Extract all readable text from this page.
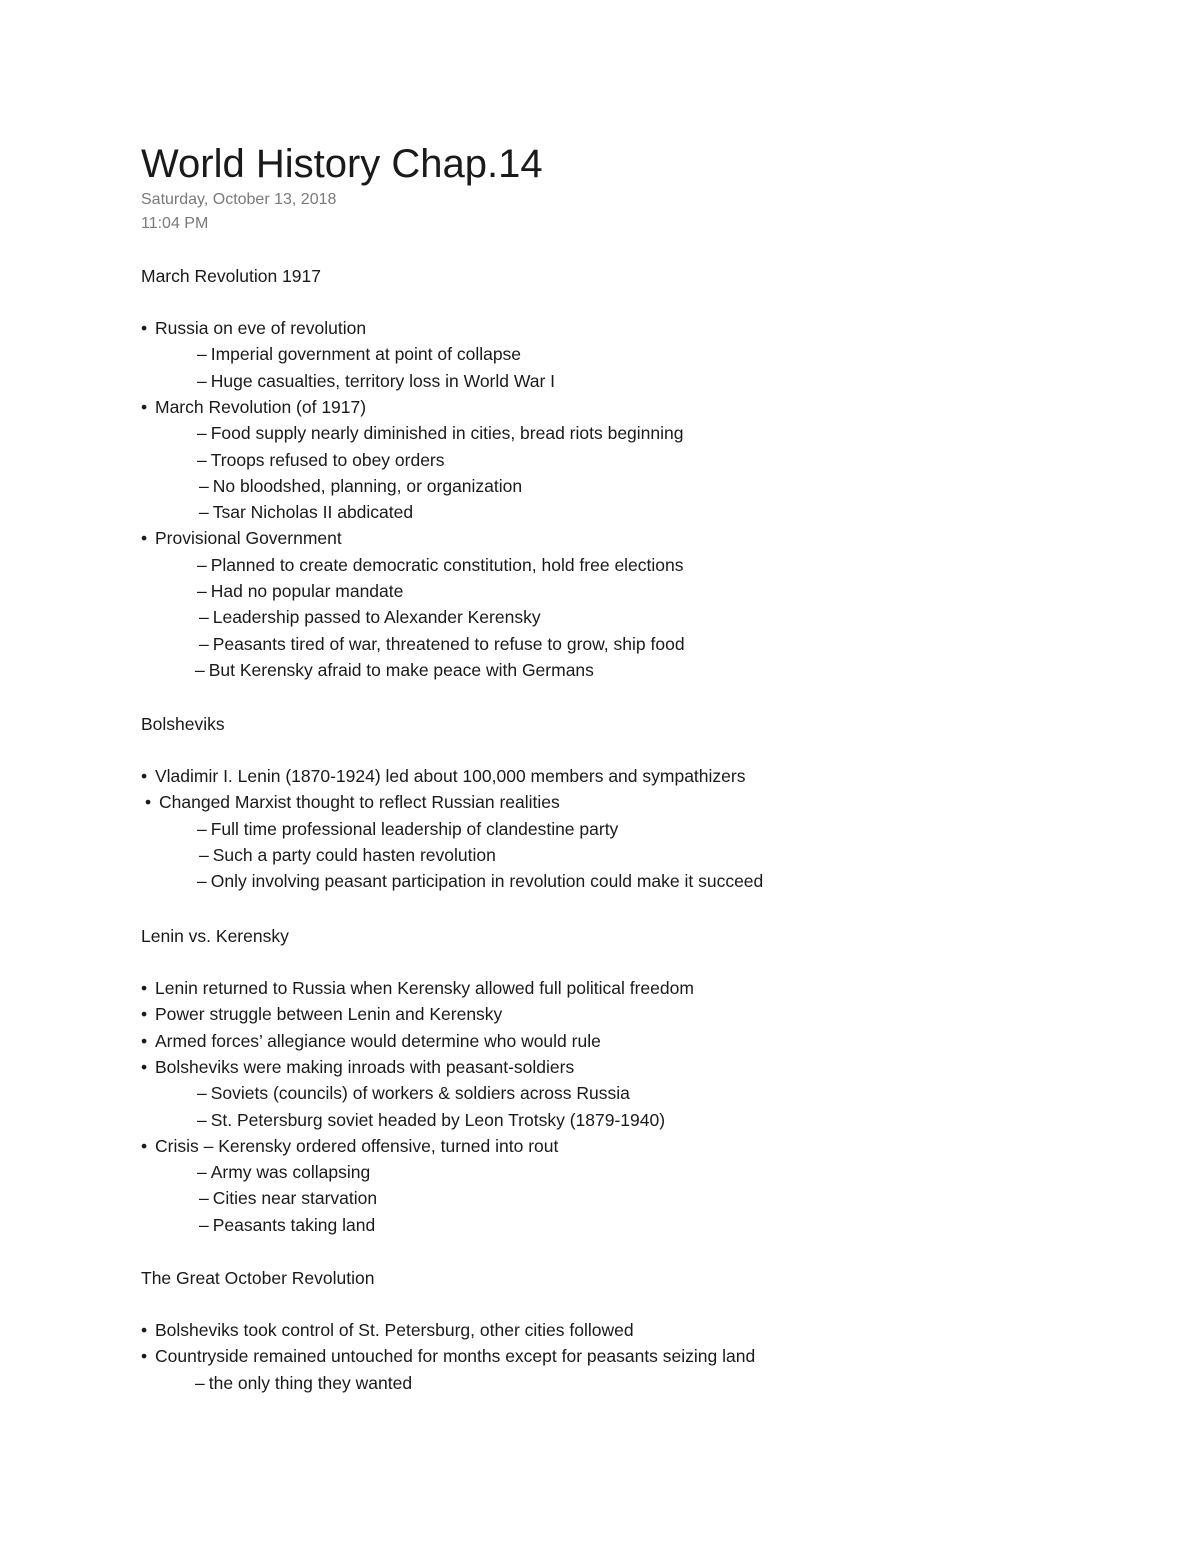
World History Chap.14
Saturday, October 13, 2018
11:04 PM
March Revolution 1917
• Russia on eve of revolution
– Imperial government at point of collapse
– Huge casualties, territory loss in World War I
• March Revolution (of 1917)
– Food supply nearly diminished in cities, bread riots beginning
– Troops refused to obey orders
– No bloodshed, planning, or organization
– Tsar Nicholas II abdicated
• Provisional Government
– Planned to create democratic constitution, hold free elections
– Had no popular mandate
– Leadership passed to Alexander Kerensky
– Peasants tired of war, threatened to refuse to grow, ship food
– But Kerensky afraid to make peace with Germans
Bolsheviks
• Vladimir I. Lenin (1870-1924) led about 100,000 members and sympathizers
• Changed Marxist thought to reflect Russian realities
– Full time professional leadership of clandestine party
– Such a party could hasten revolution
– Only involving peasant participation in revolution could make it succeed
Lenin vs. Kerensky
• Lenin returned to Russia when Kerensky allowed full political freedom
• Power struggle between Lenin and Kerensky
• Armed forces’ allegiance would determine who would rule
• Bolsheviks were making inroads with peasant-soldiers
– Soviets (councils) of workers & soldiers across Russia
– St. Petersburg soviet headed by Leon Trotsky (1879-1940)
• Crisis – Kerensky ordered offensive, turned into rout
– Army was collapsing
– Cities near starvation
– Peasants taking land
The Great October Revolution
• Bolsheviks took control of St. Petersburg, other cities followed
• Countryside remained untouched for months except for peasants seizing land
– the only thing they wanted
